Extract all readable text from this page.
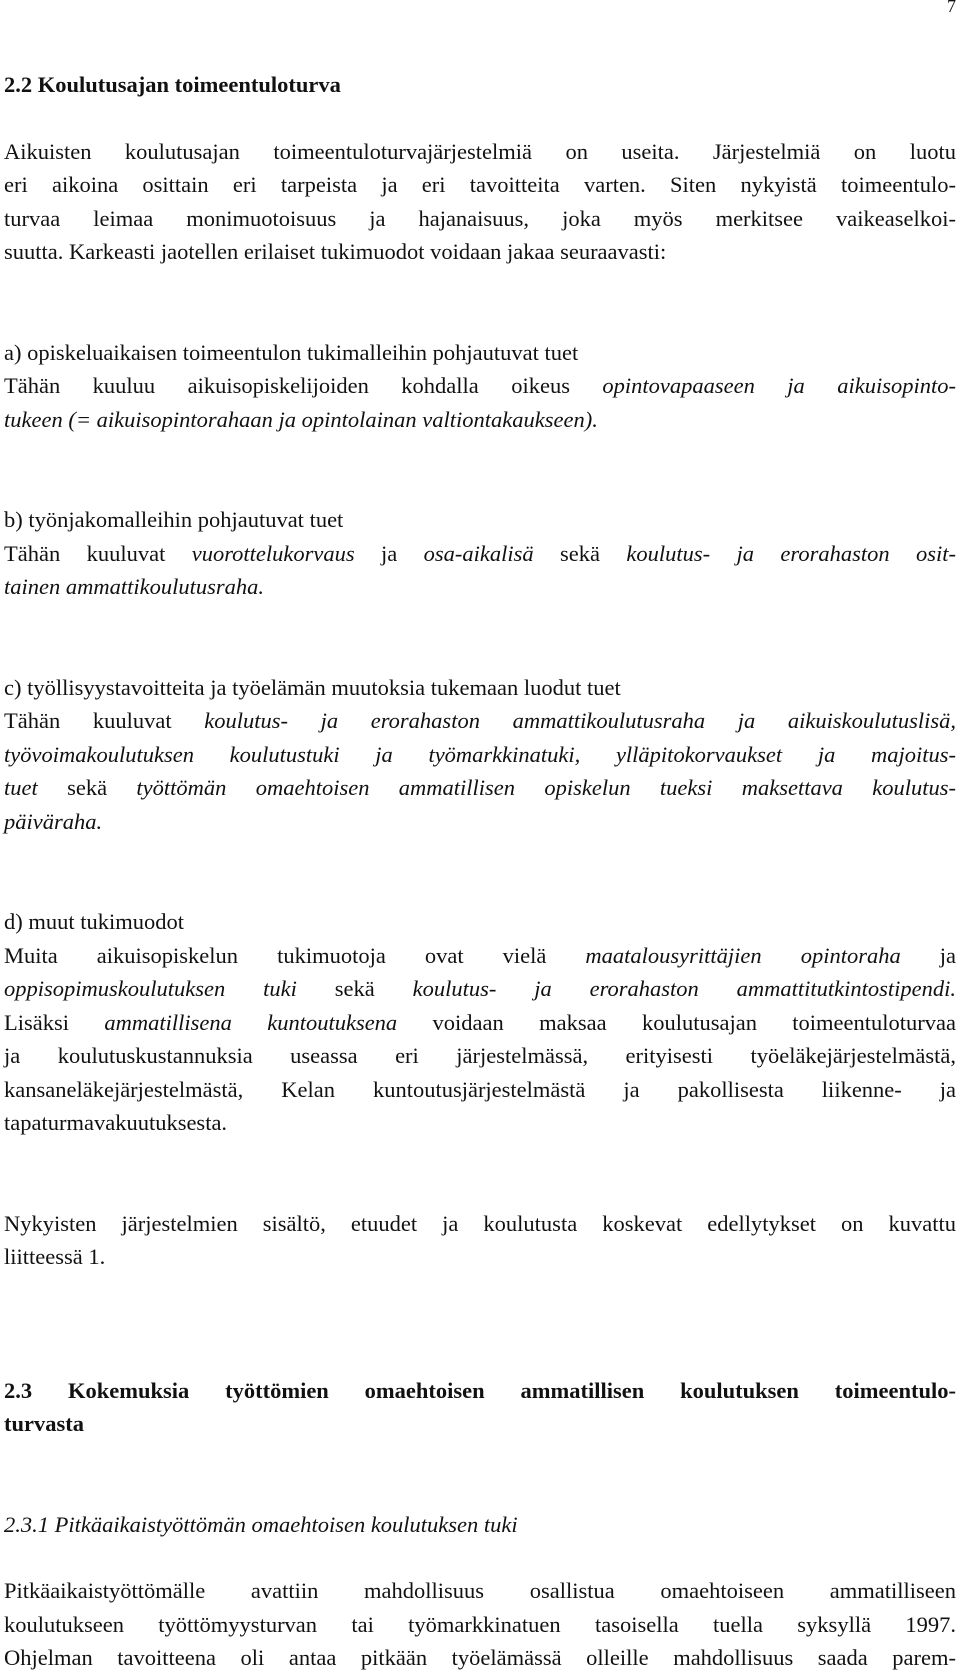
7
2.2 Koulutusajan toimeentuloturva
Aikuisten koulutusajan toimeentuloturvajärjestelmiä on useita. Järjestelmiä on luotu
eri aikoina osittain eri tarpeista ja eri tavoitteita varten. Siten nykyistä toimeentulo-
turvaa leimaa monimuotoisuus ja hajanaisuus, joka myös merkitsee vaikeaselkoi-
suutta. Karkeasti jaotellen erilaiset tukimuodot voidaan jakaa seuraavasti:
a) opiskeluaikaisen toimeentulon tukimalleihin pohjautuvat tuet
Tähän kuuluu aikuisopiskelijoiden kohdalla oikeus opintovapaaseen ja aikuisopinto-
tukeen (= aikuisopintorahaan ja opintolainan valtiontakaukseen).
b) työnjakomalleihin pohjautuvat tuet
Tähän kuuluvat vuorottelukorvaus ja osa-aikalisä sekä koulutus- ja erorahaston osit-
tainen ammattikoulutusraha.
c) työllisyystavoitteita ja työelämän muutoksia tukemaan luodut tuet
Tähän kuuluvat koulutus- ja erorahaston ammattikoulutusraha ja aikuiskoulutuslisä,
työvoimakoulutuksen koulutustuki ja työmarkkinatuki, ylläpitokorvaukset ja majoitus-
tuet sekä työttömän omaehtoisen ammatillisen opiskelun tueksi maksettava koulutus-
päiväraha.
d) muut tukimuodot
Muita aikuisopiskelun tukimuotoja ovat vielä maatalousyrittäjien opintoraha ja
oppisopimuskoulutuksen tuki sekä koulutus- ja erorahaston ammattitutkintostipendi.
Lisäksi ammatillisena kuntoutuksena voidaan maksaa koulutusajan toimeentuloturvaa
ja koulutuskustannuksia useassa eri järjestelmässä, erityisesti työeläkejärjestelmästä,
kansaneläkejärjestelmästä, Kelan kuntoutusjärjestelmästä ja pakollisesta liikenne- ja
tapaturmavakuutuksesta.
Nykyisten järjestelmien sisältö, etuudet ja koulutusta koskevat edellytykset on kuvattu
liitteessä 1.
2.3 Kokemuksia työttömien omaehtoisen ammatillisen koulutuksen toimeentulo-
turvasta
2.3.1 Pitkäaikaistyöttömän omaehtoisen koulutuksen tuki
Pitkäaikaistyöttömälle avattiin mahdollisuus osallistua omaehtoiseen ammatilliseen
koulutukseen työttömyysturvan tai työmarkkinatuen tasoisella tuella syksyllä 1997.
Ohjelman tavoitteena oli antaa pitkään työelämässä olleille mahdollisuus saada parem-
